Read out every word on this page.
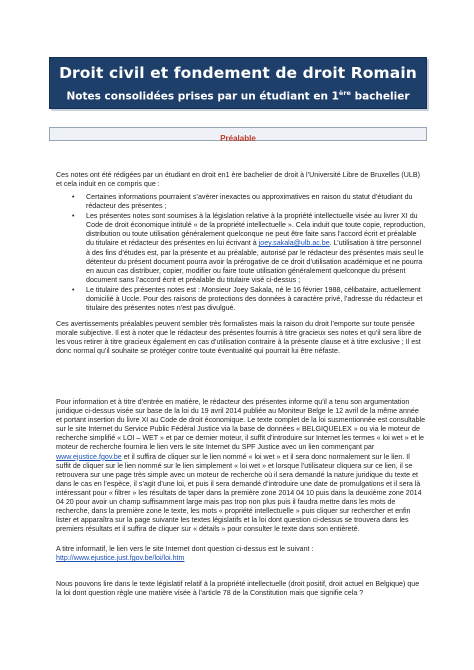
Droit civil et fondement de droit Romain
Notes consolidées prises par un étudiant en 1ère bachelier
Préalable
Ces notes ont été rédigées par un étudiant en droit en1 ère bachelier de droit à l’Université Libre de Bruxelles (ULB) et cela induit en ce compris que :
• Certaines informations pourraient s’avérer inexactes ou approximatives en raison du statut d’étudiant du rédacteur des présentes ;
• Les présentes notes sont soumises à la législation relative à la propriété intellectuelle visée au livrer XI du Code de droit économique intitulé « de la propriété intellectuelle ». Cela induit que toute copie, reproduction, distribution ou toute utilisation généralement quelconque ne peut être faite sans l’accord écrit et préalable du titulaire et rédacteur des présentes en lui écrivant à joey.sakala@ulb.ac.be. L’utilisation à titre personnel à des fins d’études est, par la présente et au préalable, autorisé par le rédacteur des présentes mais seul le détenteur du présent document pourra avoir la prérogative de ce droit d’utilisation académique et ne pourra en aucun cas distribuer, copier, modifier ou faire toute utilisation généralement quelconque du présent document sans l’accord écrit et préalable du titulaire visé ci-dessus ;
• Le titulaire des présentes notes est : Monsieur Joey Sakala, né le 16 février 1988, célibataire, actuellement domicilié à Uccle. Pour des raisons de protections des données à caractère privé, l’adresse du rédacteur et titulaire des présentes notes n’est pas divulgué.
Ces avertissements préalables peuvent sembler très formalistes mais la raison du droit l’emporte sur toute pensée morale subjective. Il est à noter que le rédacteur des présentes fournis à titre gracieux ses notes et qu’il sera libre de les vous retirer à titre gracieux également en cas d’utilisation contraire à la présente clause et à titre exclusive ; Il est donc normal qu’il souhaite se protéger contre toute éventualité qui pourrait lui être néfaste.
Pour information et à titre d’entrée en matière, le rédacteur des présentes informe qu’il a tenu son argumentation juridique ci-dessus visée sur base de la loi du 19 avril 2014 publiée au Moniteur Belge le 12 avril de la même année et portant insertion du livre XI au Code de droit économique. Le texte complet de la loi susmentionnée est consultable sur le site Internet du Service Public Fédéral Justice via la base de données « BELGIQUELEX » ou via le moteur de recherche simplifié « LOI – WET » et par ce dernier moteur, il suffit d’introduire sur Internet les termes « loi wet » et le moteur de recherche fournira le lien vers le site Internet du SPF Justice avec un lien commençant par www.ejustice.fgov.be et il suffira de cliquer sur le lien nommé « loi wet » et il sera donc normalement sur le lien. Il suffit de cliquer sur le lien nommé sur le lien simplement « loi wet » et lorsque l’utilisateur cliquera sur ce lien, il se retrouvera sur une page très simple avec un moteur de recherche où il sera demandé la nature juridique du texte et dans le cas en l’espèce, il s’agit d’une loi, et puis il sera demandé d’introduire une date de promulgations et il sera là intéressant pour « filtrer » les résultats de taper dans la première zone 2014 04 10 puis dans la deuxième zone 2014 04 20 pour avoir un champ suffisamment large mais pas trop non plus puis il faudra mettre dans les mots de recherche, dans la première zone le texte, les mots « propriété intellectuelle » puis cliquer sur rechercher et enfin lister et apparaîtra sur la page suivante les textes législatifs et la loi dont question ci-dessus se trouvera dans les premiers résultats et il suffira de cliquer sur « détails » pour consulter le texte dans son entièreté.
A titre informatif, le lien vers le site Internet dont question ci-dessus est le suivant :
http://www.ejustice.just.fgov.be/loi/loi.htm
Nous pouvons lire dans le texte législatif relatif à la propriété intellectuelle (droit positif, droit actuel en Belgique) que la loi dont question règle une matière visée à l’article 78 de la Constitution mais que signifie cela ?
